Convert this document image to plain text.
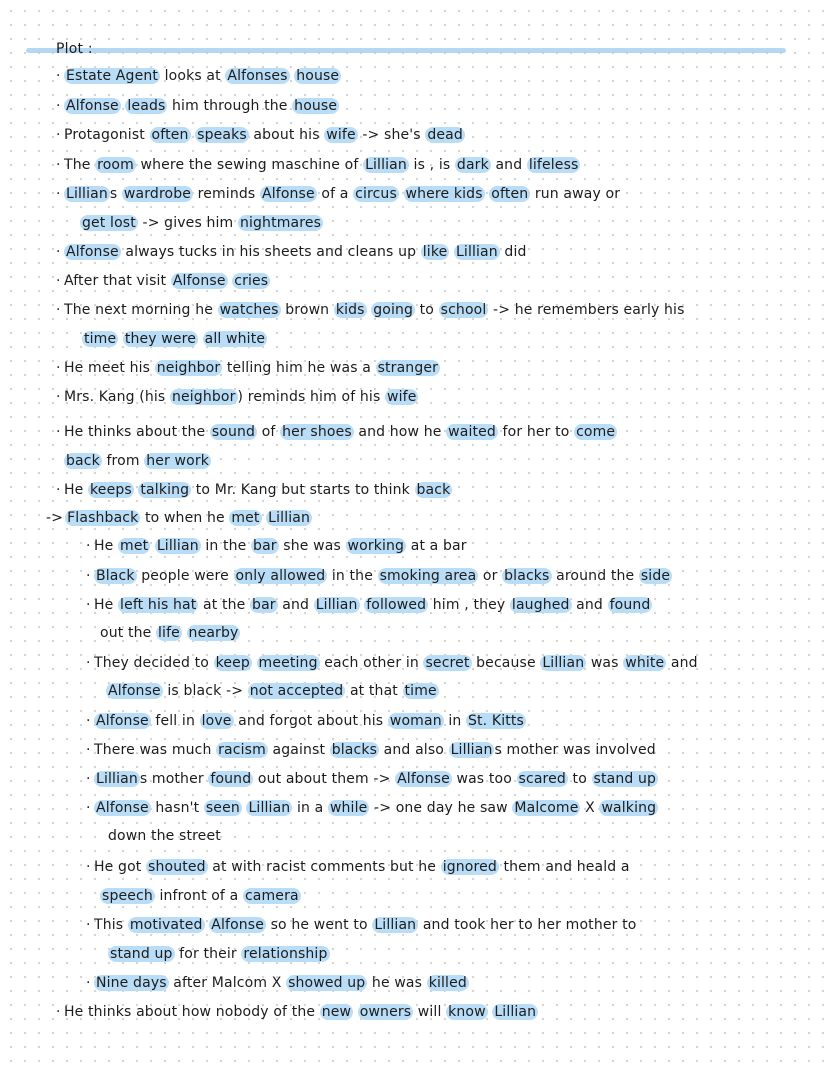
Plot :
· Estate Agent looks at Alfonses house
· Alfonse leads him through the house
· Protagonist often speaks about his wife -> she's dead
· The room where the sewing maschine of Lillian is , is dark and lifeless
· Lillian s wardrobe reminds Alfonse of a circus where kids often run away or
get lost -> gives him nightmares
· Alfonse always tucks in his sheets and cleans up like Lillian did
· After that visit Alfonse cries
· The next morning he watches brown kids going to school -> he remembers early his
time they were all white
· He meet his neighbor telling him he was a stranger
· Mrs. Kang (his neighbor ) reminds him of his wife
· He thinks about the sound of her shoes and how he waited for her to come
back from her work
· He keeps talking to Mr. Kang but starts to think back
-> Flashback to when he met Lillian
· He met Lillian in the bar she was working at a bar
· Black people were only allowed in the smoking area or blacks around the side
· He left his hat at the bar and Lillian followed him , they laughed and found
out the life nearby
· They decided to keep meeting each other in secret because Lillian was white and
Alfonse is black -> not accepted at that time
· Alfonse fell in love and forgot about his woman in St. Kitts
· There was much racism against blacks and also Lillian s mother was involved
· Lillian s mother found out about them -> Alfonse was too scared to stand up
· Alfonse hasn't seen Lillian in a while -> one day he saw Malcome X walking
down the street
· He got shouted at with racist comments but he ignored them and heald a
speech infront of a camera
· This motivated Alfonse so he went to Lillian and took her to her mother to
stand up for their relationship
· Nine days after Malcom X showed up he was killed
· He thinks about how nobody of the new owners will know Lillian
